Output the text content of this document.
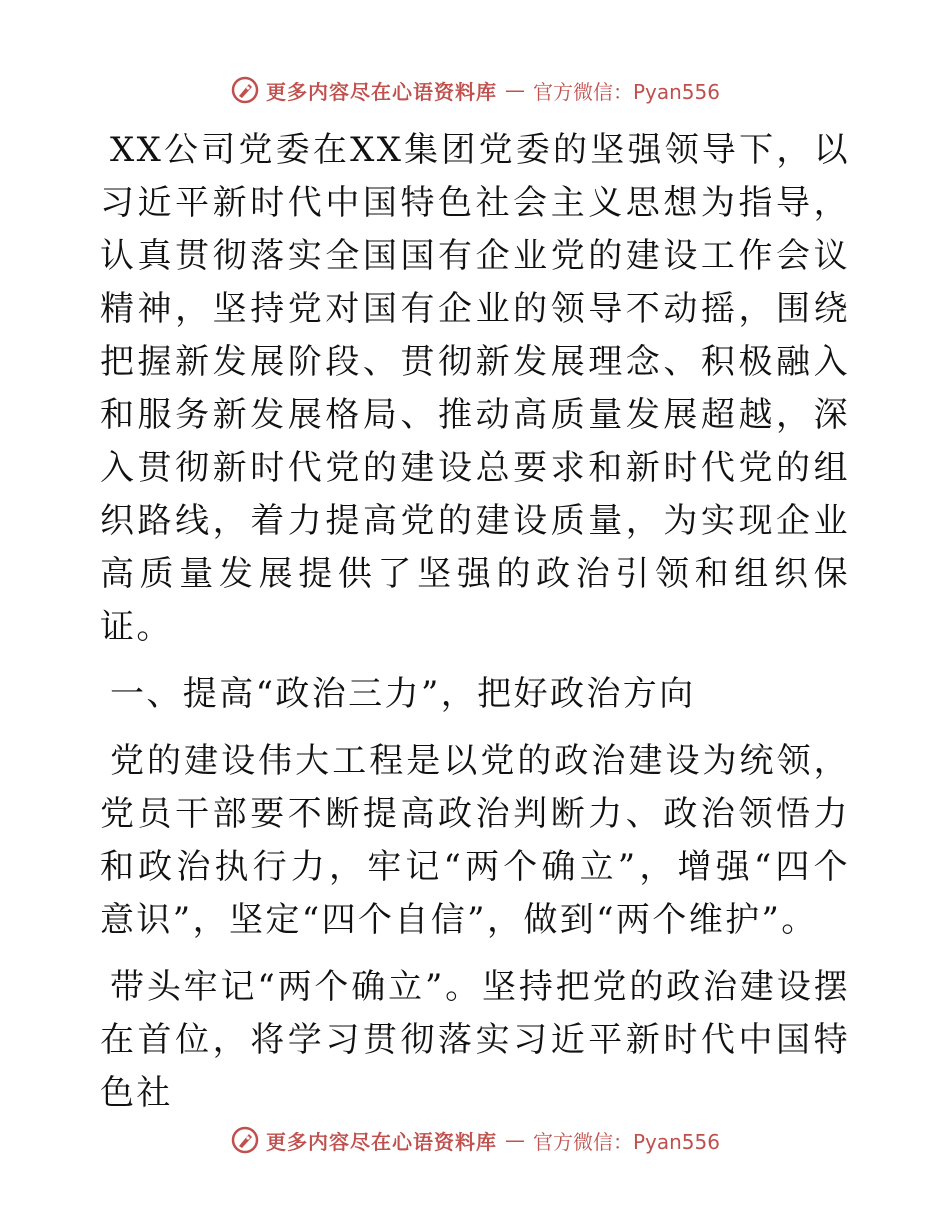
更多内容尽在心语资料库 — 官方微信：Pyan556

XX公司党委在XX集团党委的坚强领导下，以习近平新时代中国特色社会主义思想为指导，认真贯彻落实全国国有企业党的建设工作会议精神，坚持党对国有企业的领导不动摇，围绕把握新发展阶段、贯彻新发展理念、积极融入和服务新发展格局、推动高质量发展超越，深入贯彻新时代党的建设总要求和新时代党的组织路线，着力提高党的建设质量，为实现企业高质量发展提供了坚强的政治引领和组织保证。

一、提高“政治三力”，把好政治方向

党的建设伟大工程是以党的政治建设为统领，党员干部要不断提高政治判断力、政治领悟力和政治执行力，牢记“两个确立”，增强“四个意识”，坚定“四个自信”，做到“两个维护”。

带头牢记“两个确立”。坚持把党的政治建设摆在首位，将学习贯彻落实习近平新时代中国特色社

更多内容尽在心语资料库 — 官方微信：Pyan556
